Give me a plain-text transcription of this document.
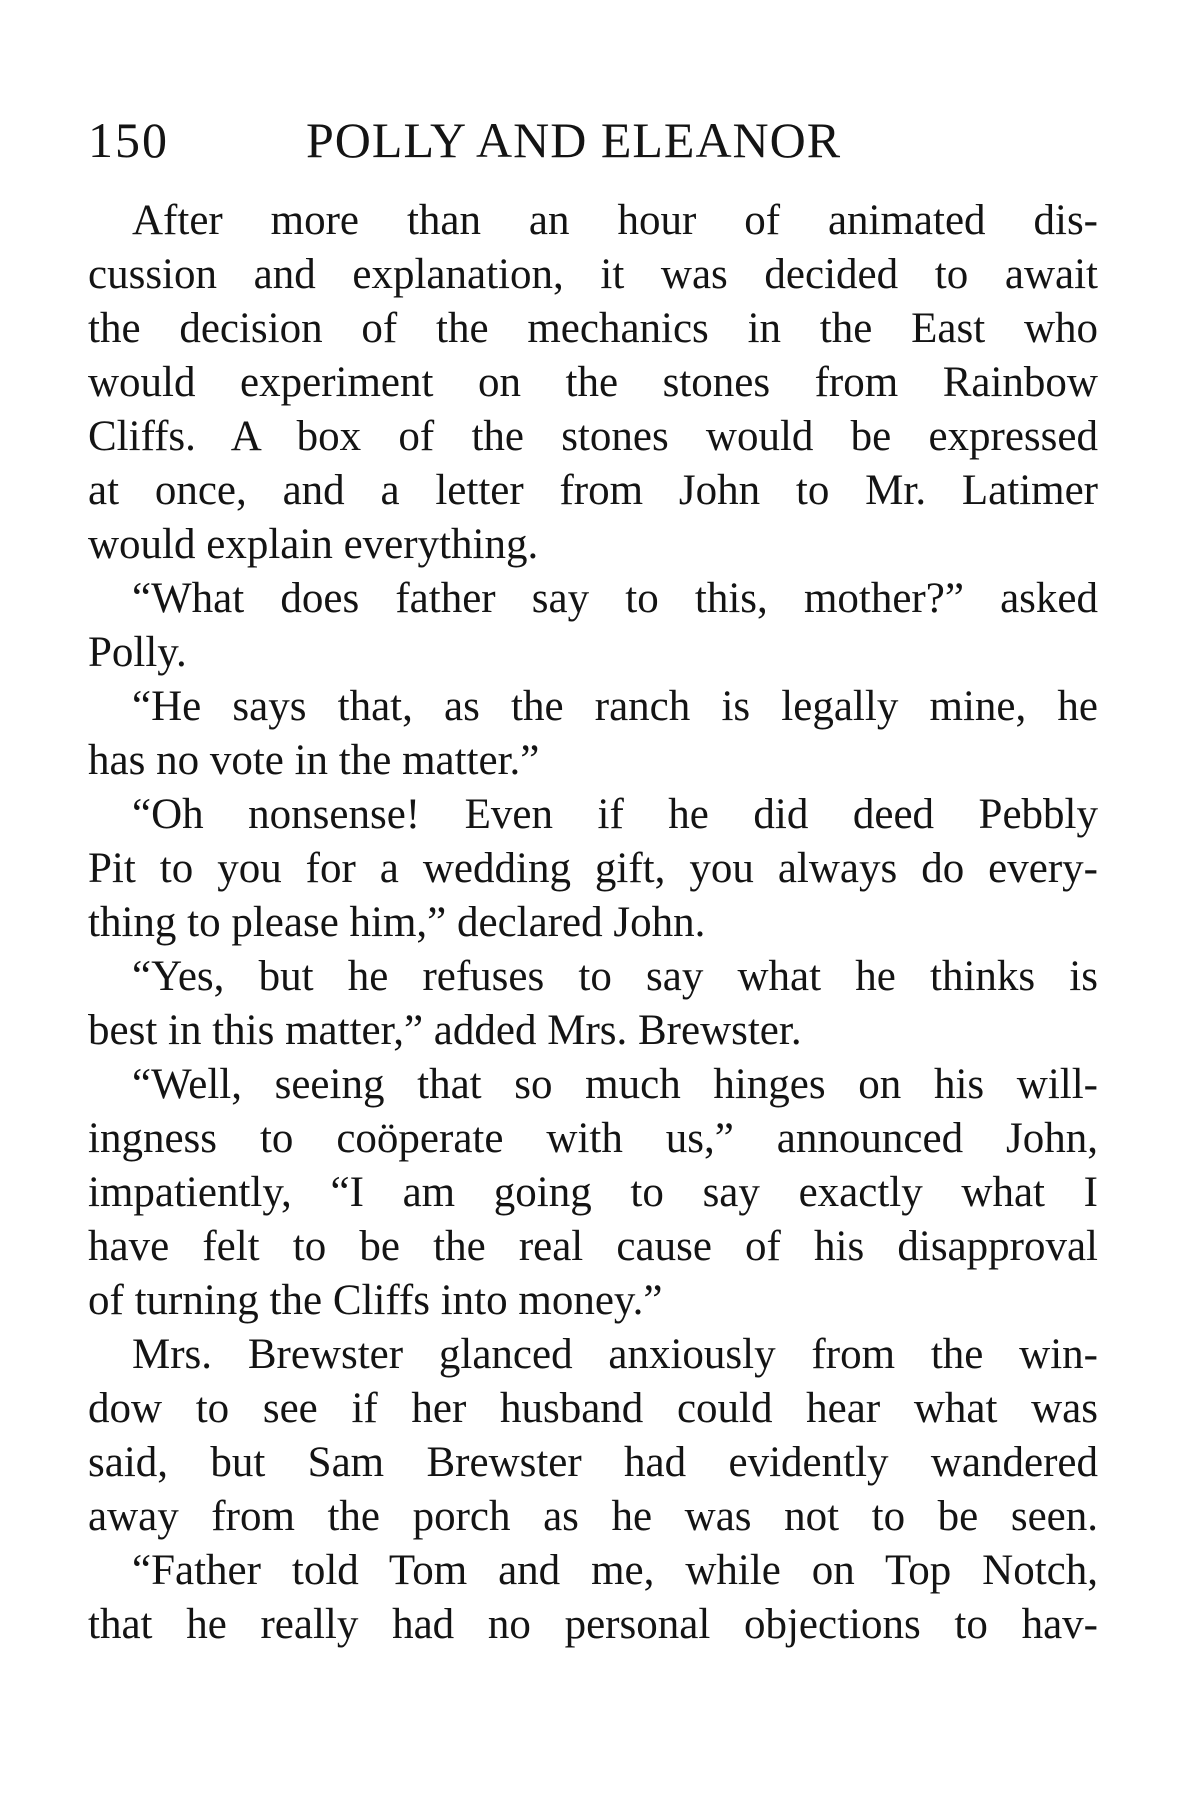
150	POLLY AND ELEANOR
After more than an hour of animated dis-
cussion and explanation, it was decided to await
the decision of the mechanics in the East who
would experiment on the stones from Rainbow
Cliffs. A box of the stones would be expressed
at once, and a letter from John to Mr. Latimer
would explain everything.
“What does father say to this, mother?” asked
Polly.
“He says that, as the ranch is legally mine, he
has no vote in the matter.”
“Oh nonsense! Even if he did deed Pebbly
Pit to you for a wedding gift, you always do every-
thing to please him,” declared John.
“Yes, but he refuses to say what he thinks is
best in this matter,” added Mrs. Brewster.
“Well, seeing that so much hinges on his will-
ingness to coöperate with us,” announced John,
impatiently, “I am going to say exactly what I
have felt to be the real cause of his disapproval
of turning the Cliffs into money.”
Mrs. Brewster glanced anxiously from the win-
dow to see if her husband could hear what was
said, but Sam Brewster had evidently wandered
away from the porch as he was not to be seen.
“Father told Tom and me, while on Top Notch,
that he really had no personal objections to hav-
